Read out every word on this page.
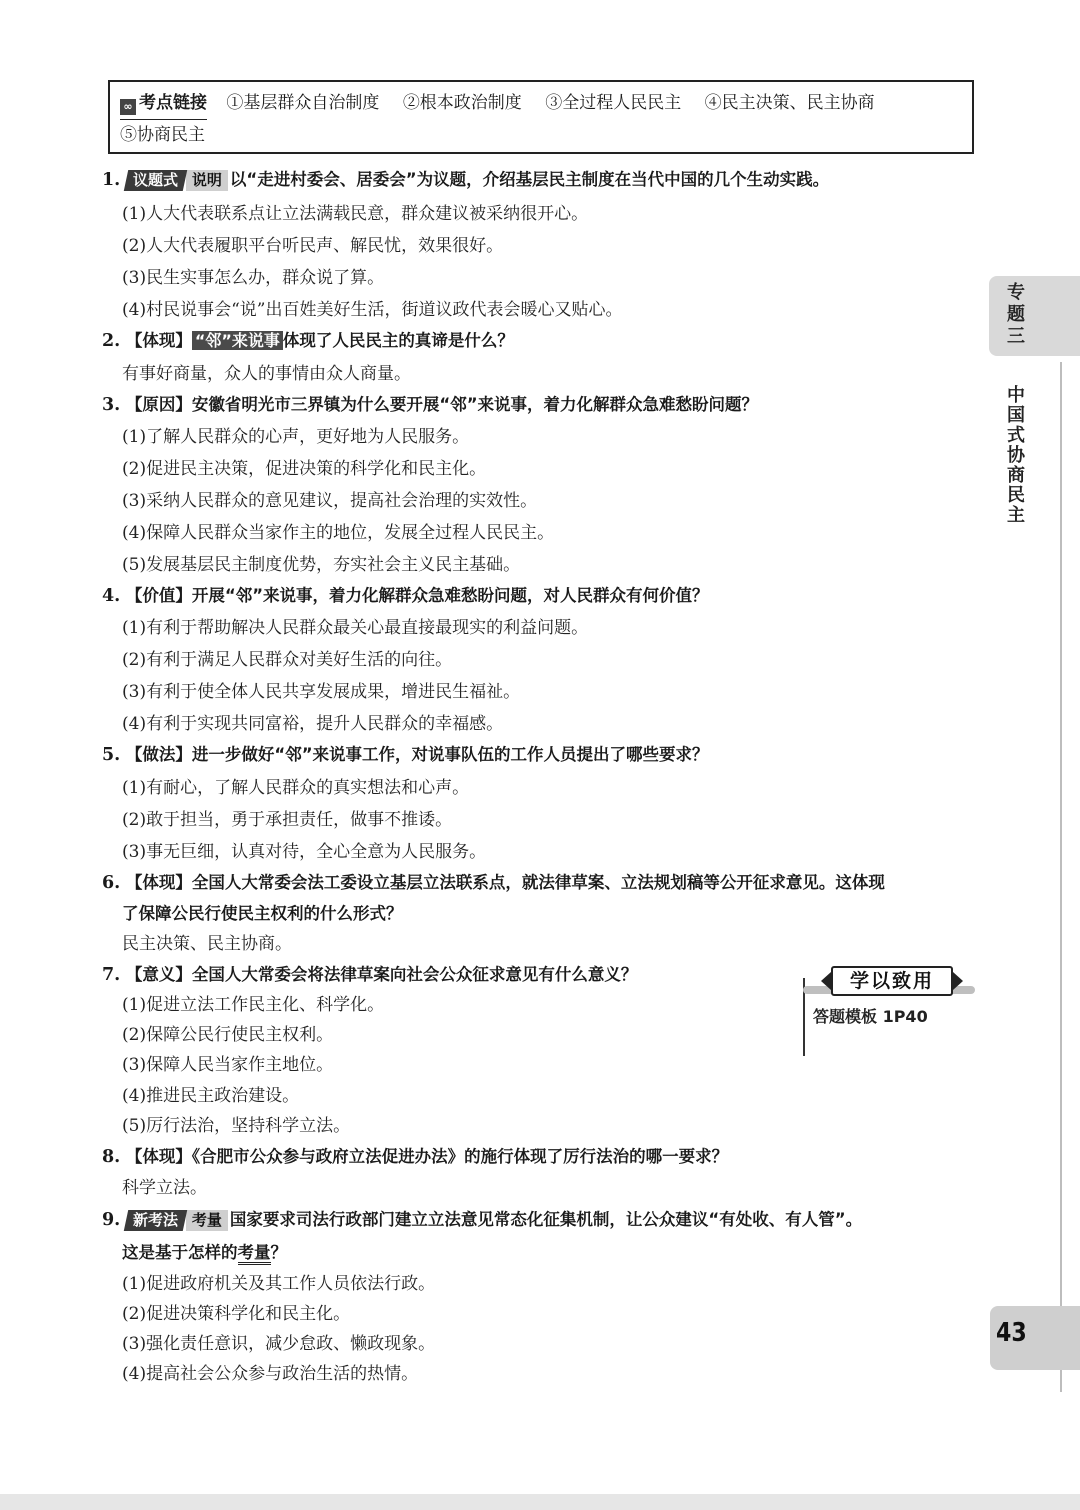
∞ 考点链接 ①基层群众自治制度 ②根本政治制度 ③全过程人民民主 ④民主决策、民主协商
⑤协商民主
1. 议题式 说明 以“走进村委会、居委会”为议题，介绍基层民主制度在当代中国的几个生动实践。
(1)人大代表联系点让立法满载民意，群众建议被采纳很开心。
(2)人大代表履职平台听民声、解民忧，效果很好。
(3)民生实事怎么办，群众说了算。
(4)村民说事会“说”出百姓美好生活，街道议政代表会暖心又贴心。
2. 【体现】 “邻”来说事 体现了人民民主的真谛是什么？
有事好商量，众人的事情由众人商量。
3. 【原因】安徽省明光市三界镇为什么要开展“邻”来说事，着力化解群众急难愁盼问题？
(1)了解人民群众的心声，更好地为人民服务。
(2)促进民主决策，促进决策的科学化和民主化。
(3)采纳人民群众的意见建议，提高社会治理的实效性。
(4)保障人民群众当家作主的地位，发展全过程人民民主。
(5)发展基层民主制度优势，夯实社会主义民主基础。
4. 【价值】开展“邻”来说事，着力化解群众急难愁盼问题，对人民群众有何价值？
(1)有利于帮助解决人民群众最关心最直接最现实的利益问题。
(2)有利于满足人民群众对美好生活的向往。
(3)有利于使全体人民共享发展成果，增进民生福祉。
(4)有利于实现共同富裕，提升人民群众的幸福感。
5. 【做法】进一步做好“邻”来说事工作，对说事队伍的工作人员提出了哪些要求？
(1)有耐心，了解人民群众的真实想法和心声。
(2)敢于担当，勇于承担责任，做事不推诿。
(3)事无巨细，认真对待，全心全意为人民服务。
6. 【体现】全国人大常委会法工委设立基层立法联系点，就法律草案、立法规划稿等公开征求意见。这体现
了保障公民行使民主权利的什么形式？
民主决策、民主协商。
7. 【意义】全国人大常委会将法律草案向社会公众征求意见有什么意义？
(1)促进立法工作民主化、科学化。
(2)保障公民行使民主权利。
(3)保障人民当家作主地位。
(4)推进民主政治建设。
(5)厉行法治，坚持科学立法。
学以致用
答题模板 1P40
8. 【体现】《合肥市公众参与政府立法促进办法》的施行体现了厉行法治的哪一要求？
科学立法。
9. 新考法 考量 国家要求司法行政部门建立立法意见常态化征集机制，让公众建议“有处收、有人管”。
这是基于怎样的考量？
(1)促进政府机关及其工作人员依法行政。
(2)促进决策科学化和民主化。
(3)强化责任意识，减少怠政、懒政现象。
(4)提高社会公众参与政治生活的热情。
专题三
中国式协商民主
43
